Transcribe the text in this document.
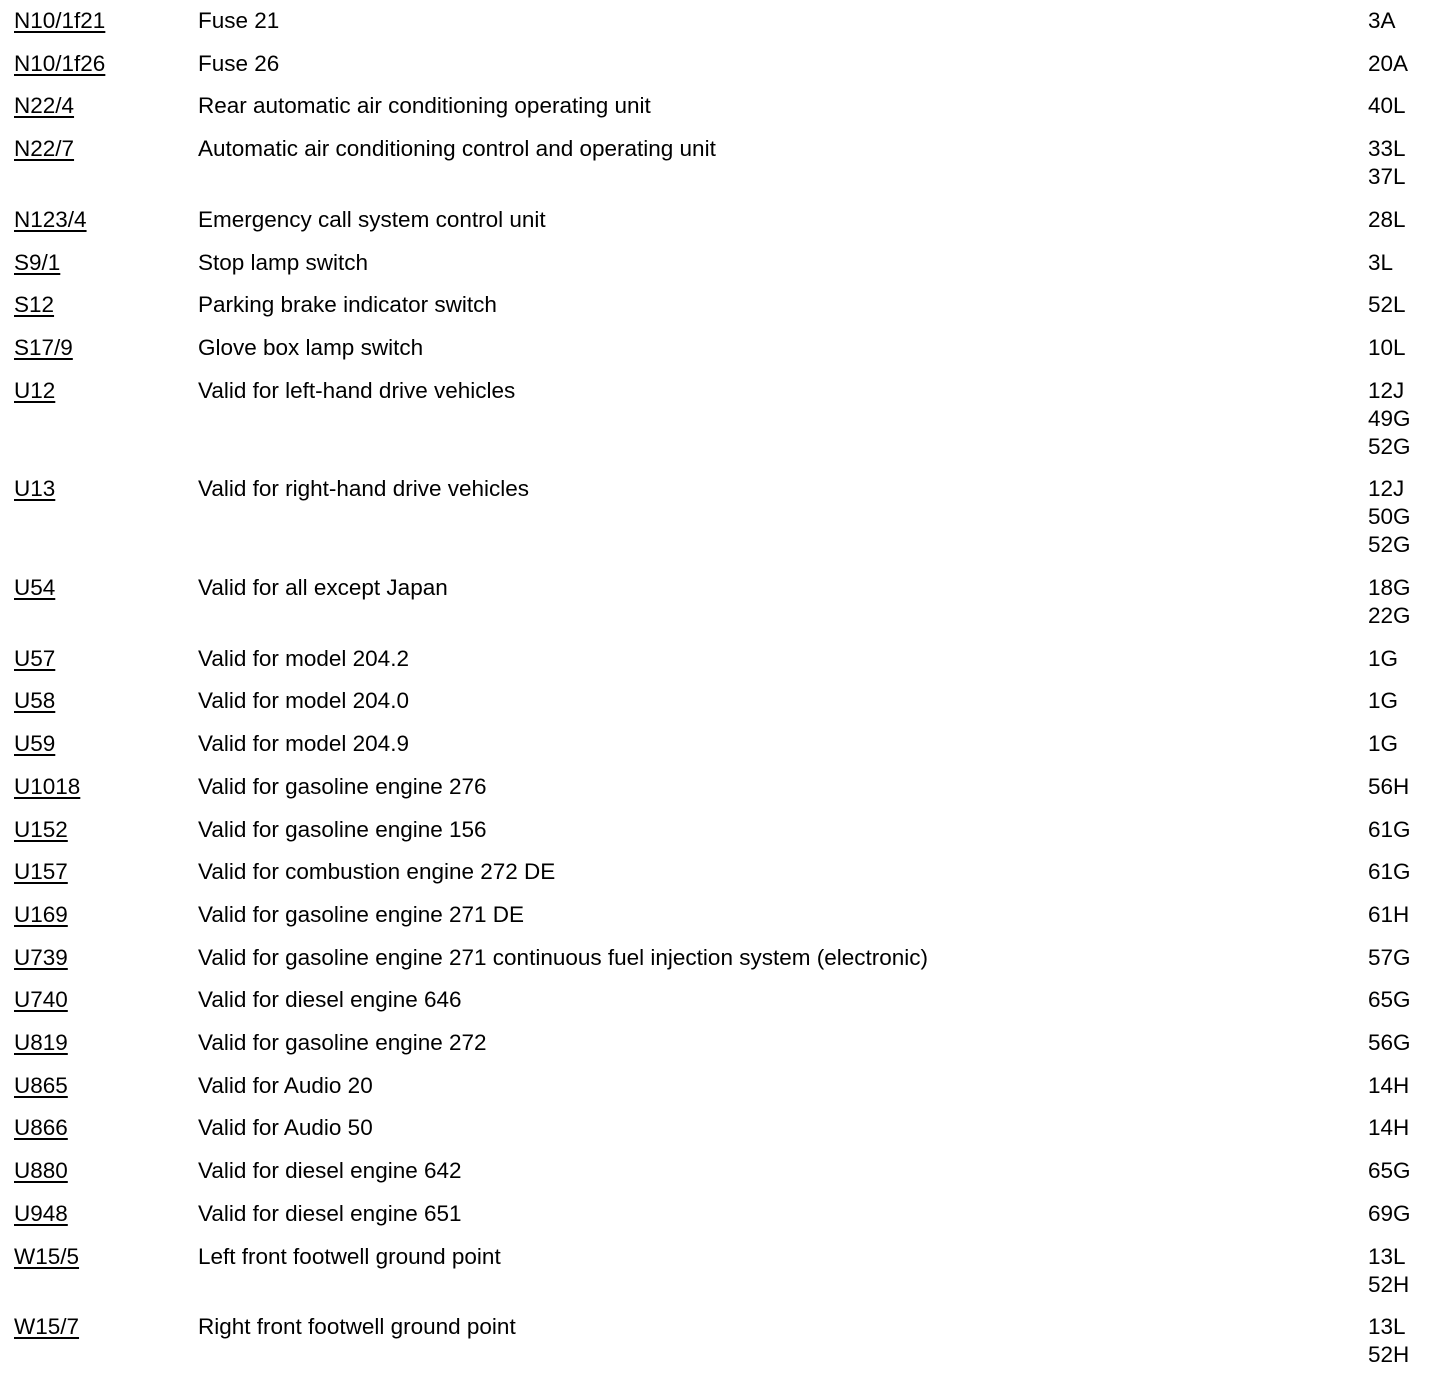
N10/1f21	Fuse 21	3A
N10/1f26	Fuse 26	20A
N22/4	Rear automatic air conditioning operating unit	40L
N22/7	Automatic air conditioning control and operating unit	33L
37L
N123/4	Emergency call system control unit	28L
S9/1	Stop lamp switch	3L
S12	Parking brake indicator switch	52L
S17/9	Glove box lamp switch	10L
U12	Valid for left-hand drive vehicles	12J
49G
52G
U13	Valid for right-hand drive vehicles	12J
50G
52G
U54	Valid for all except Japan	18G
22G
U57	Valid for model 204.2	1G
U58	Valid for model 204.0	1G
U59	Valid for model 204.9	1G
U1018	Valid for gasoline engine 276	56H
U152	Valid for gasoline engine 156	61G
U157	Valid for combustion engine 272 DE	61G
U169	Valid for gasoline engine 271 DE	61H
U739	Valid for gasoline engine 271 continuous fuel injection system (electronic)	57G
U740	Valid for diesel engine 646	65G
U819	Valid for gasoline engine 272	56G
U865	Valid for Audio 20	14H
U866	Valid for Audio 50	14H
U880	Valid for diesel engine 642	65G
U948	Valid for diesel engine 651	69G
W15/5	Left front footwell ground point	13L
52H
W15/7	Right front footwell ground point	13L
52H
